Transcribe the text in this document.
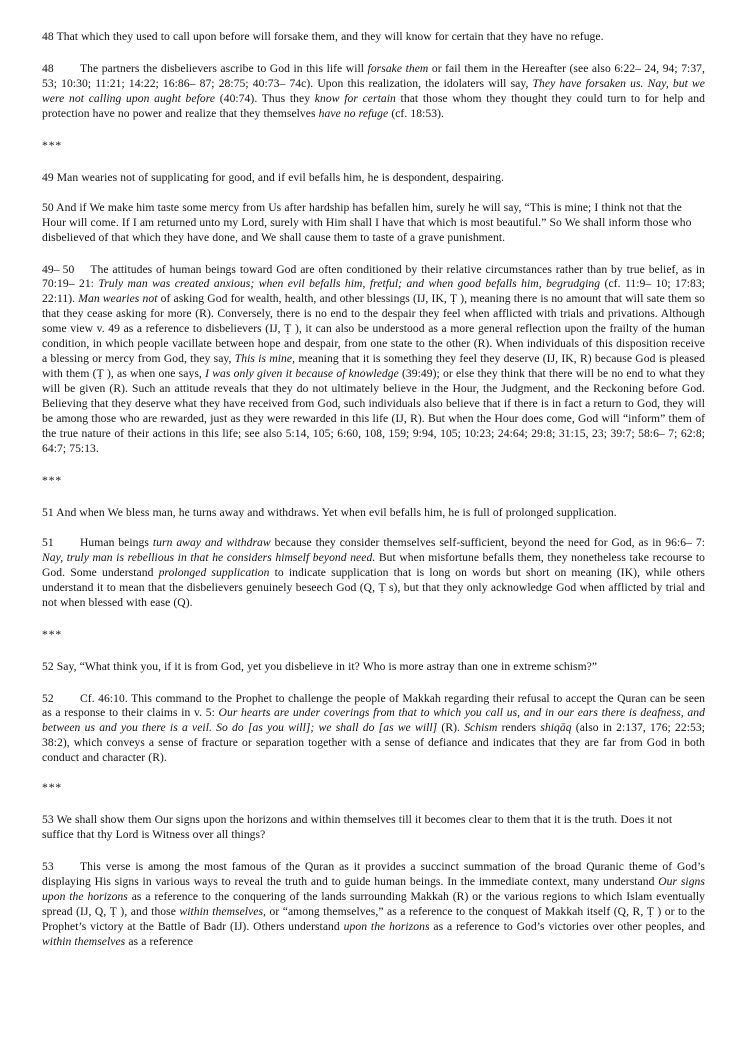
48 That which they used to call upon before will forsake them, and they will know for certain that they have no refuge.

48 The partners the disbelievers ascribe to God in this life will forsake them or fail them in the Hereafter (see also 6:22– 24, 94; 7:37, 53; 10:30; 11:21; 14:22; 16:86– 87; 28:75; 40:73– 74c). Upon this realization, the idolaters will say, They have forsaken us. Nay, but we were not calling upon aught before (40:74). Thus they know for certain that those whom they thought they could turn to for help and protection have no power and realize that they themselves have no refuge (cf. 18:53).

***

49 Man wearies not of supplicating for good, and if evil befalls him, he is despondent, despairing.

50 And if We make him taste some mercy from Us after hardship has befallen him, surely he will say, “This is mine; I think not that the Hour will come. If I am returned unto my Lord, surely with Him shall I have that which is most beautiful.” So We shall inform those who disbelieved of that which they have done, and We shall cause them to taste of a grave punishment.

49– 50 The attitudes of human beings toward God are often conditioned by their relative circumstances rather than by true belief, as in 70:19– 21: Truly man was created anxious; when evil befalls him, fretful; and when good befalls him, begrudging (cf. 11:9– 10; 17:83; 22:11). Man wearies not of asking God for wealth, health, and other blessings (IJ, IK, Ṭ ), meaning there is no amount that will sate them so that they cease asking for more (R). Conversely, there is no end to the despair they feel when afflicted with trials and privations. Although some view v. 49 as a reference to disbelievers (IJ, Ṭ ), it can also be understood as a more general reflection upon the frailty of the human condition, in which people vacillate between hope and despair, from one state to the other (R). When individuals of this disposition receive a blessing or mercy from God, they say, This is mine, meaning that it is something they feel they deserve (IJ, IK, R) because God is pleased with them (Ṭ ), as when one says, I was only given it because of knowledge (39:49); or else they think that there will be no end to what they will be given (R). Such an attitude reveals that they do not ultimately believe in the Hour, the Judgment, and the Reckoning before God. Believing that they deserve what they have received from God, such individuals also believe that if there is in fact a return to God, they will be among those who are rewarded, just as they were rewarded in this life (IJ, R). But when the Hour does come, God will “inform” them of the true nature of their actions in this life; see also 5:14, 105; 6:60, 108, 159; 9:94, 105; 10:23; 24:64; 29:8; 31:15, 23; 39:7; 58:6– 7; 62:8; 64:7; 75:13.

***

51 And when We bless man, he turns away and withdraws. Yet when evil befalls him, he is full of prolonged supplication.

51 Human beings turn away and withdraw because they consider themselves self-sufficient, beyond the need for God, as in 96:6– 7: Nay, truly man is rebellious in that he considers himself beyond need. But when misfortune befalls them, they nonetheless take recourse to God. Some understand prolonged supplication to indicate supplication that is long on words but short on meaning (IK), while others understand it to mean that the disbelievers genuinely beseech God (Q, Ṭ s), but that they only acknowledge God when afflicted by trial and not when blessed with ease (Q).

***

52 Say, “What think you, if it is from God, yet you disbelieve in it? Who is more astray than one in extreme schism?”

52 Cf. 46:10. This command to the Prophet to challenge the people of Makkah regarding their refusal to accept the Quran can be seen as a response to their claims in v. 5: Our hearts are under coverings from that to which you call us, and in our ears there is deafness, and between us and you there is a veil. So do [as you will]; we shall do [as we will] (R). Schism renders shiqāq (also in 2:137, 176; 22:53; 38:2), which conveys a sense of fracture or separation together with a sense of defiance and indicates that they are far from God in both conduct and character (R).

***

53 We shall show them Our signs upon the horizons and within themselves till it becomes clear to them that it is the truth. Does it not suffice that thy Lord is Witness over all things?

53 This verse is among the most famous of the Quran as it provides a succinct summation of the broad Quranic theme of God’s displaying His signs in various ways to reveal the truth and to guide human beings. In the immediate context, many understand Our signs upon the horizons as a reference to the conquering of the lands surrounding Makkah (R) or the various regions to which Islam eventually spread (IJ, Q, Ṭ ), and those within themselves, or “among themselves,” as a reference to the conquest of Makkah itself (Q, R, Ṭ ) or to the Prophet’s victory at the Battle of Badr (IJ). Others understand upon the horizons as a reference to God’s victories over other peoples, and within themselves as a reference
